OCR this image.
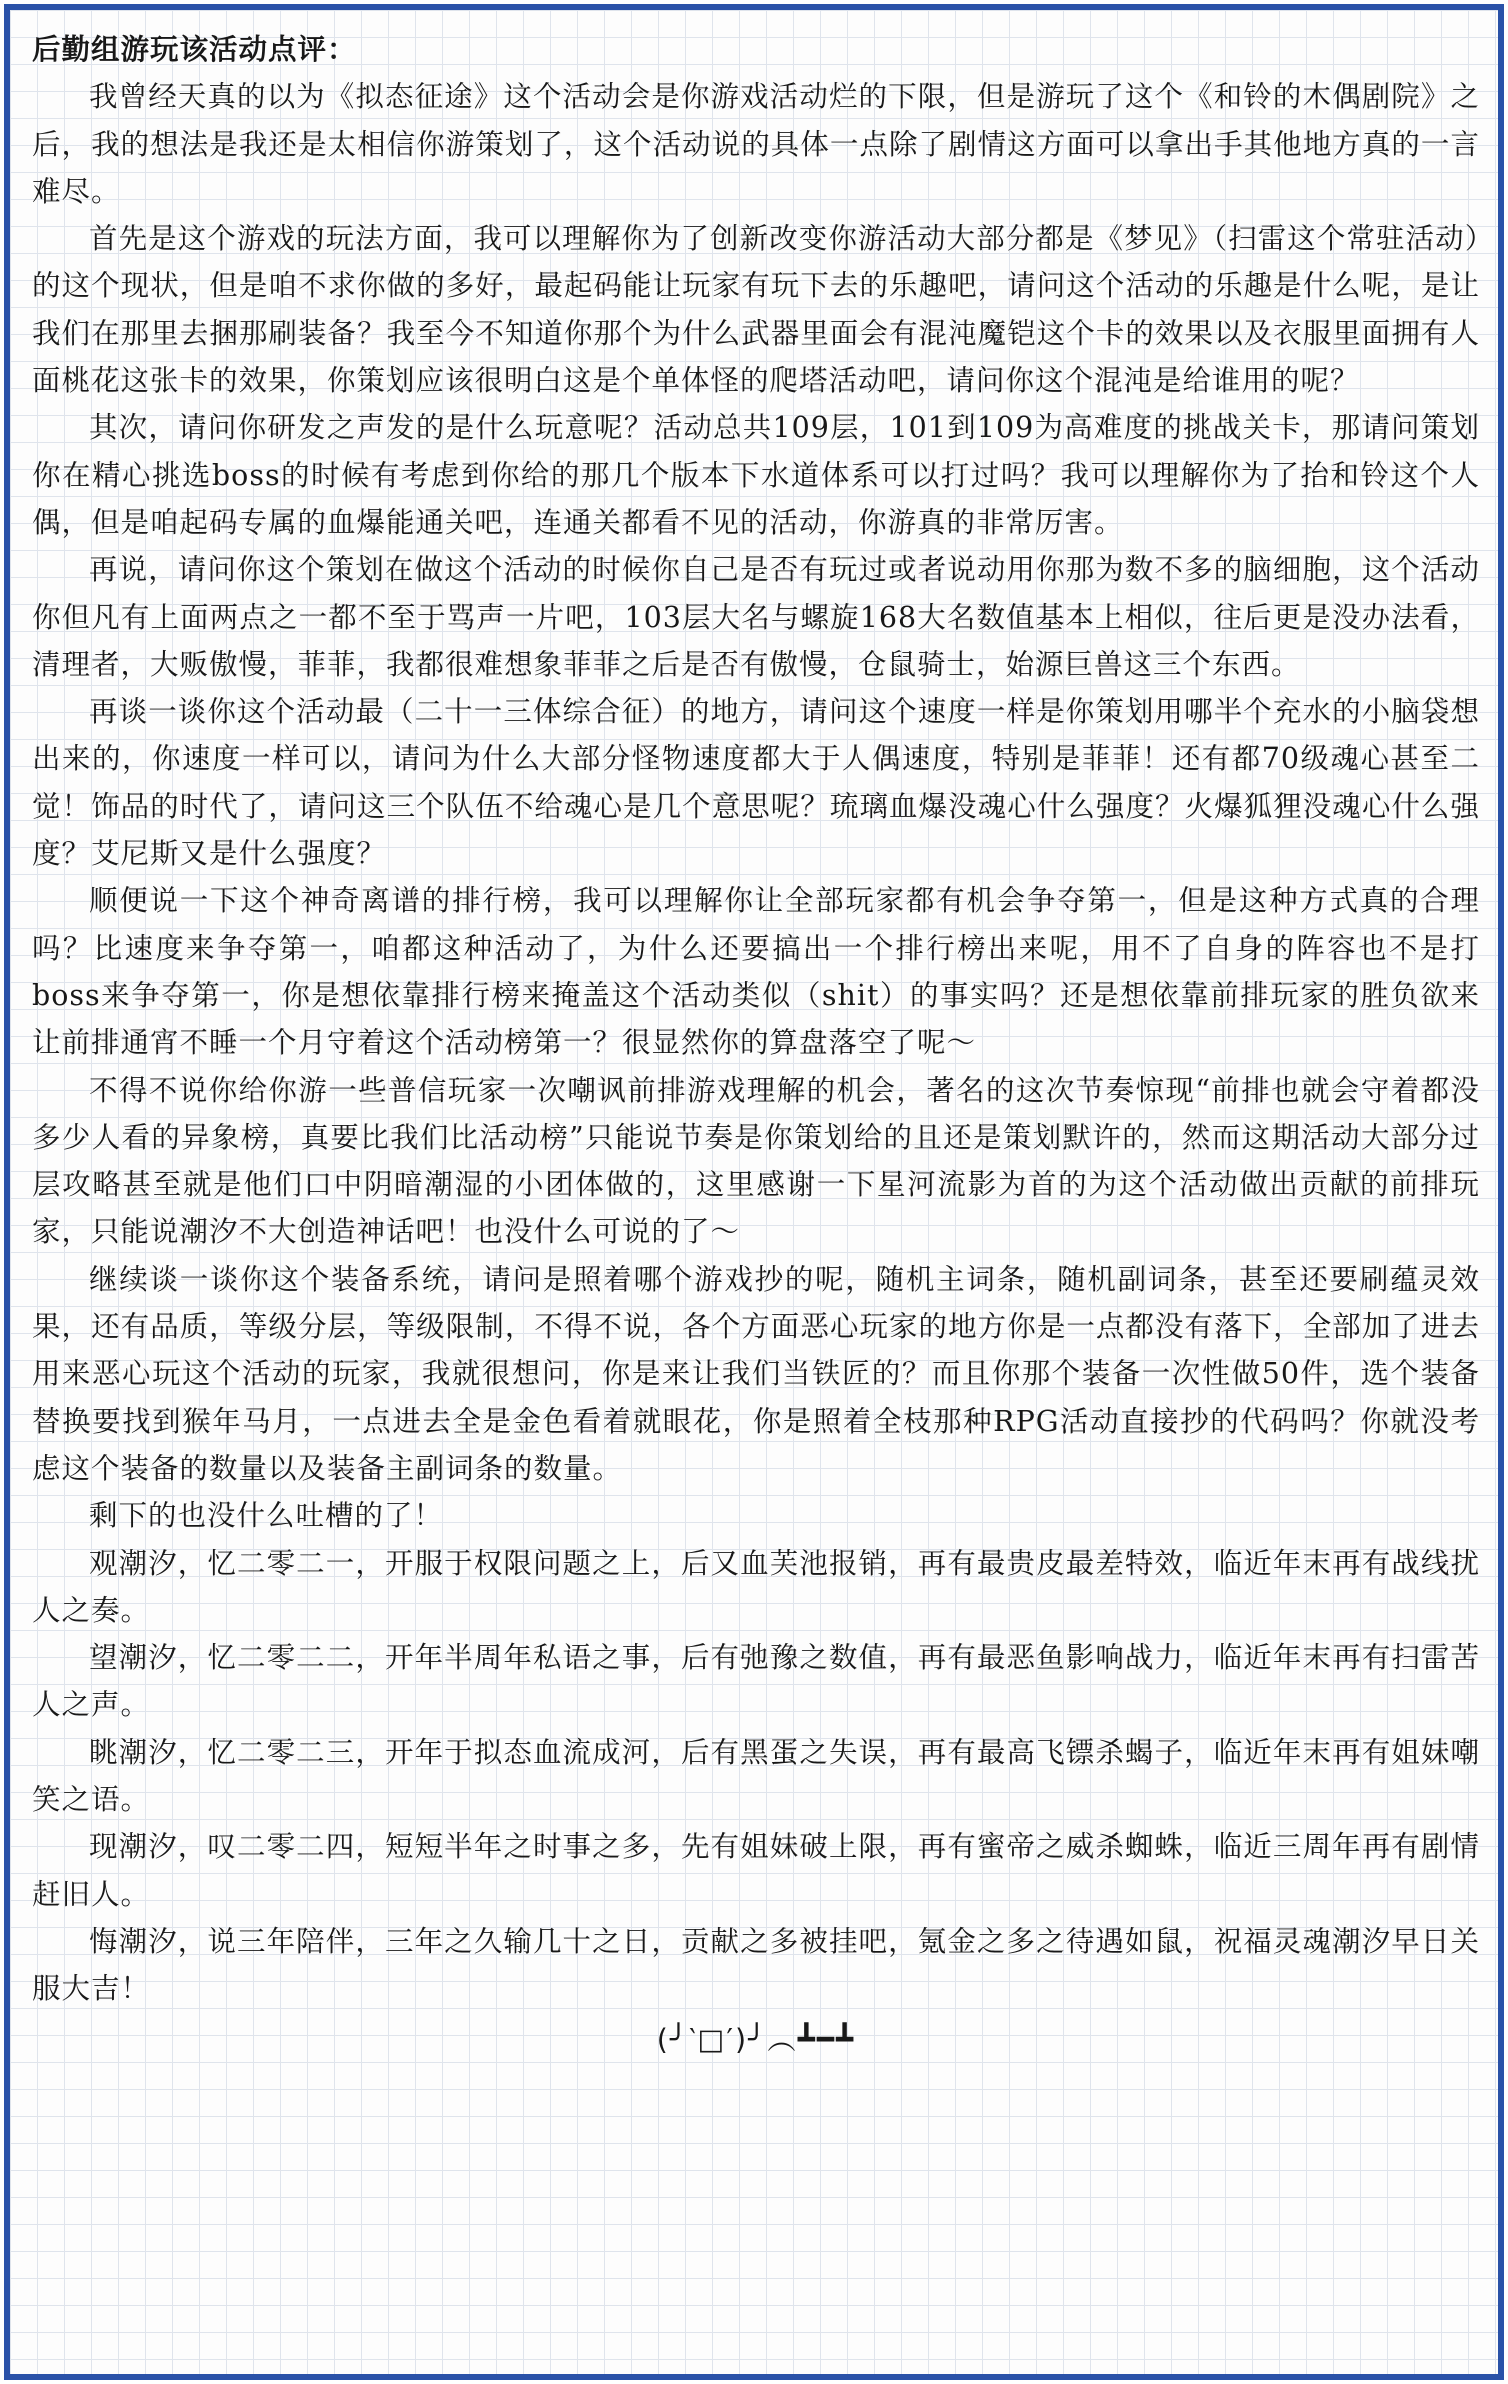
后勤组游玩该活动点评：

我曾经天真的以为《拟态征途》这个活动会是你游戏活动烂的下限，但是游玩了这个《和铃的木偶剧院》之后，我的想法是我还是太相信你游策划了，这个活动说的具体一点除了剧情这方面可以拿出手其他地方真的一言难尽。

首先是这个游戏的玩法方面，我可以理解你为了创新改变你游活动大部分都是《梦见》（扫雷这个常驻活动）的这个现状，但是咱不求你做的多好，最起码能让玩家有玩下去的乐趣吧，请问这个活动的乐趣是什么呢，是让我们在那里去捆那刷装备？我至今不知道你那个为什么武器里面会有混沌魔铠这个卡的效果以及衣服里面拥有人面桃花这张卡的效果，你策划应该很明白这是个单体怪的爬塔活动吧，请问你这个混沌是给谁用的呢？

其次，请问你研发之声发的是什么玩意呢？活动总共109层，101到109为高难度的挑战关卡，那请问策划你在精心挑选boss的时候有考虑到你给的那几个版本下水道体系可以打过吗？我可以理解你为了抬和铃这个人偶，但是咱起码专属的血爆能通关吧，连通关都看不见的活动，你游真的非常厉害。

再说，请问你这个策划在做这个活动的时候你自己是否有玩过或者说动用你那为数不多的脑细胞，这个活动你但凡有上面两点之一都不至于骂声一片吧，103层大名与螺旋168大名数值基本上相似，往后更是没办法看，清理者，大贩傲慢，菲菲，我都很难想象菲菲之后是否有傲慢，仓鼠骑士，始源巨兽这三个东西。

再谈一谈你这个活动最（二十一三体综合征）的地方，请问这个速度一样是你策划用哪半个充水的小脑袋想出来的，你速度一样可以，请问为什么大部分怪物速度都大于人偶速度，特别是菲菲！还有都70级魂心甚至二觉！饰品的时代了，请问这三个队伍不给魂心是几个意思呢？琉璃血爆没魂心什么强度？火爆狐狸没魂心什么强度？艾尼斯又是什么强度？

顺便说一下这个神奇离谱的排行榜，我可以理解你让全部玩家都有机会争夺第一，但是这种方式真的合理吗？比速度来争夺第一，咱都这种活动了，为什么还要搞出一个排行榜出来呢，用不了自身的阵容也不是打boss来争夺第一，你是想依靠排行榜来掩盖这个活动类似（shit）的事实吗？还是想依靠前排玩家的胜负欲来让前排通宵不睡一个月守着这个活动榜第一？很显然你的算盘落空了呢～

不得不说你给你游一些普信玩家一次嘲讽前排游戏理解的机会，著名的这次节奏惊现“前排也就会守着都没多少人看的异象榜，真要比我们比活动榜”只能说节奏是你策划给的且还是策划默许的，然而这期活动大部分过层攻略甚至就是他们口中阴暗潮湿的小团体做的，这里感谢一下星河流影为首的为这个活动做出贡献的前排玩家，只能说潮汐不大创造神话吧！也没什么可说的了～

继续谈一谈你这个装备系统，请问是照着哪个游戏抄的呢，随机主词条，随机副词条，甚至还要刷蕴灵效果，还有品质，等级分层，等级限制，不得不说，各个方面恶心玩家的地方你是一点都没有落下，全部加了进去用来恶心玩这个活动的玩家，我就很想问，你是来让我们当铁匠的？而且你那个装备一次性做50件，选个装备替换要找到猴年马月，一点进去全是金色看着就眼花，你是照着全枝那种RPG活动直接抄的代码吗？你就没考虑这个装备的数量以及装备主副词条的数量。

剩下的也没什么吐槽的了！

观潮汐，忆二零二一，开服于权限问题之上，后又血芙池报销，再有最贵皮最差特效，临近年末再有战线扰人之奏。

望潮汐，忆二零二二，开年半周年私语之事，后有弛豫之数值，再有最恶鱼影响战力，临近年末再有扫雷苦人之声。

眺潮汐，忆二零二三，开年于拟态血流成河，后有黑蛋之失误，再有最高飞镖杀蝎子，临近年末再有姐妹嘲笑之语。

现潮汐，叹二零二四，短短半年之时事之多，先有姐妹破上限，再有蜜帝之威杀蜘蛛，临近三周年再有剧情赶旧人。

悔潮汐，说三年陪伴，三年之久输几十之日，贡献之多被挂吧，氪金之多之待遇如鼠，祝福灵魂潮汐早日关服大吉！

(╯‵□′)╯︵┻━┻
